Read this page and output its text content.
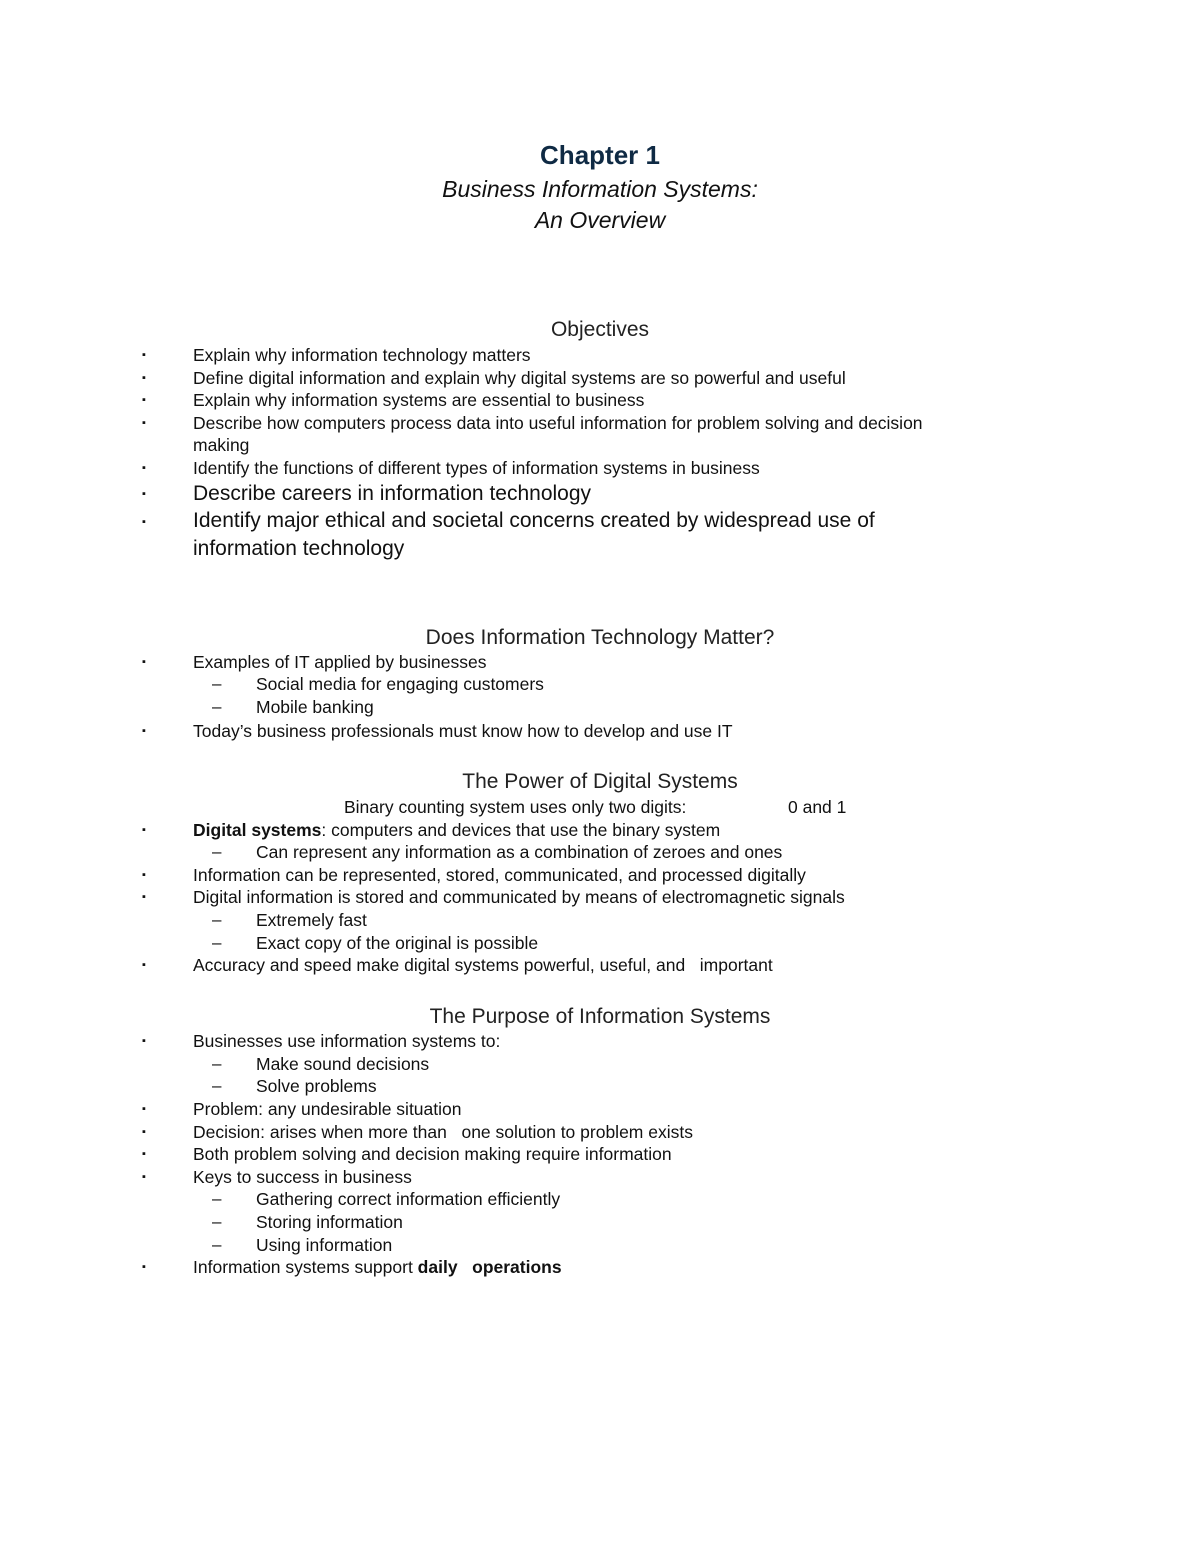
Chapter 1
Business Information Systems:
An Overview
Objectives
▪	Explain why information technology matters
▪	Define digital information and explain why digital systems are so powerful and useful
▪	Explain why information systems are essential to business
▪	Describe how computers process data into useful information for problem solving and decision
making
▪	Identify the functions of different types of information systems in business
▪ Describe careers in information technology
▪ Identify major ethical and societal concerns created by widespread use of
information technology
Does Information Technology Matter?
▪	Examples of IT applied by businesses
– Social media for engaging customers
– Mobile banking
▪	Today’s business professionals must know how to develop and use IT
The Power of Digital Systems
Binary counting system uses only two digits:	0 and 1
▪	Digital systems: computers and devices that use the binary system
– Can represent any information as a combination of zeroes and ones
▪	Information can be represented, stored, communicated, and processed digitally
▪	Digital information is stored and communicated by means of electromagnetic signals
– Extremely fast
– Exact copy of the original is possible
▪	Accuracy and speed make digital systems powerful, useful, and   important
The Purpose of Information Systems
▪	Businesses use information systems to:
– Make sound decisions
– Solve problems
▪	Problem: any undesirable situation
▪	Decision: arises when more than   one solution to problem exists
▪	Both problem solving and decision making require information
▪	Keys to success in business
– Gathering correct information efficiently
– Storing information
– Using information
▪	Information systems support daily   operations
